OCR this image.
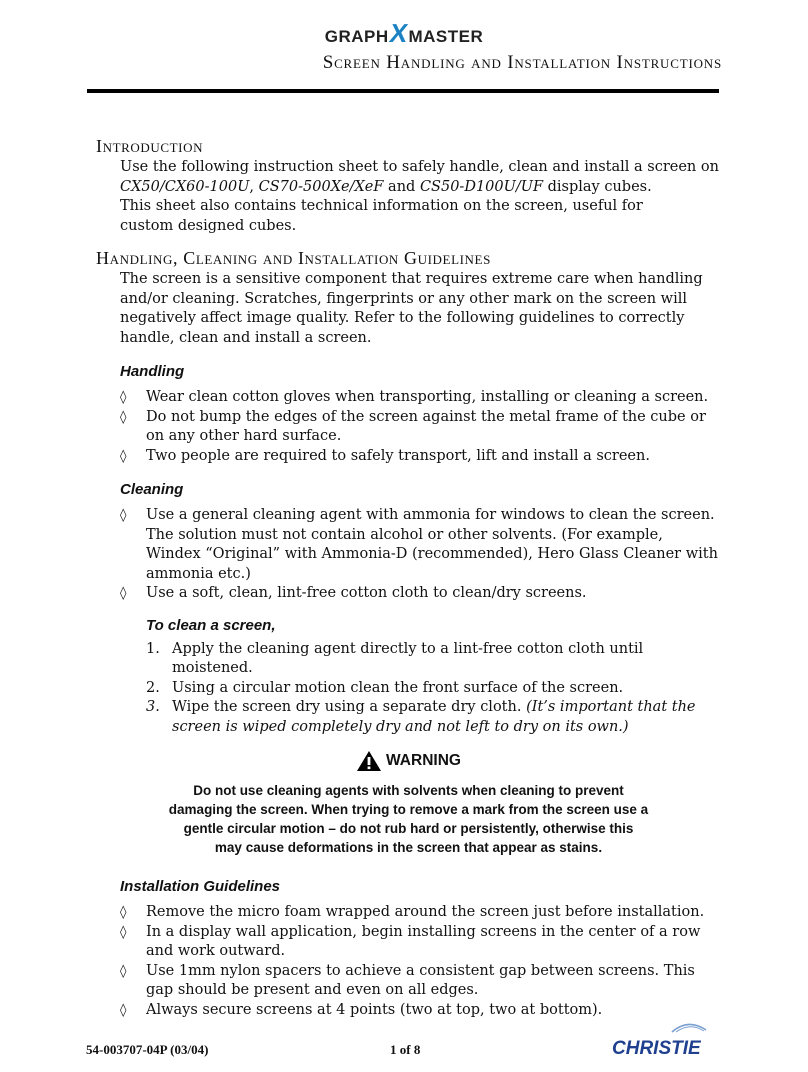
GRAPH
X
MASTER
Screen Handling and Installation Instructions
Introduction
Use the following instruction sheet to safely handle, clean and install a screen on
CX50/CX60-100U, CS70-500Xe/XeF and CS50-D100U/UF display cubes.
This sheet also contains technical information on the screen, useful for custom designed cubes.
Handling, Cleaning and Installation Guidelines
The screen is a sensitive component that requires extreme care when handling and/or cleaning. Scratches, fingerprints or any other mark on the screen will negatively affect image quality. Refer to the following guidelines to correctly handle, clean and install a screen.
Handling
◊ Wear clean cotton gloves when transporting, installing or cleaning a screen.
◊ Do not bump the edges of the screen against the metal frame of the cube or on any other hard surface.
◊ Two people are required to safely transport, lift and install a screen.
Cleaning
◊ Use a general cleaning agent with ammonia for windows to clean the screen. The solution must not contain alcohol or other solvents. (For example, Windex “Original” with Ammonia-D (recommended), Hero Glass Cleaner with ammonia etc.)
◊ Use a soft, clean, lint-free cotton cloth to clean/dry screens.
To clean a screen,
1. Apply the cleaning agent directly to a lint-free cotton cloth until moistened.
2. Using a circular motion clean the front surface of the screen.
3. Wipe the screen dry using a separate dry cloth. (It’s important that the screen is wiped completely dry and not left to dry on its own.)
WARNING
Do not use cleaning agents with solvents when cleaning to prevent damaging the screen. When trying to remove a mark from the screen use a gentle circular motion – do not rub hard or persistently, otherwise this may cause deformations in the screen that appear as stains.
Installation Guidelines
◊ Remove the micro foam wrapped around the screen just before installation.
◊ In a display wall application, begin installing screens in the center of a row and work outward.
◊ Use 1mm nylon spacers to achieve a consistent gap between screens. This gap should be present and even on all edges.
◊ Always secure screens at 4 points (two at top, two at bottom).
54-003707-04P (03/04)	1 of 8	CHRISTIE
